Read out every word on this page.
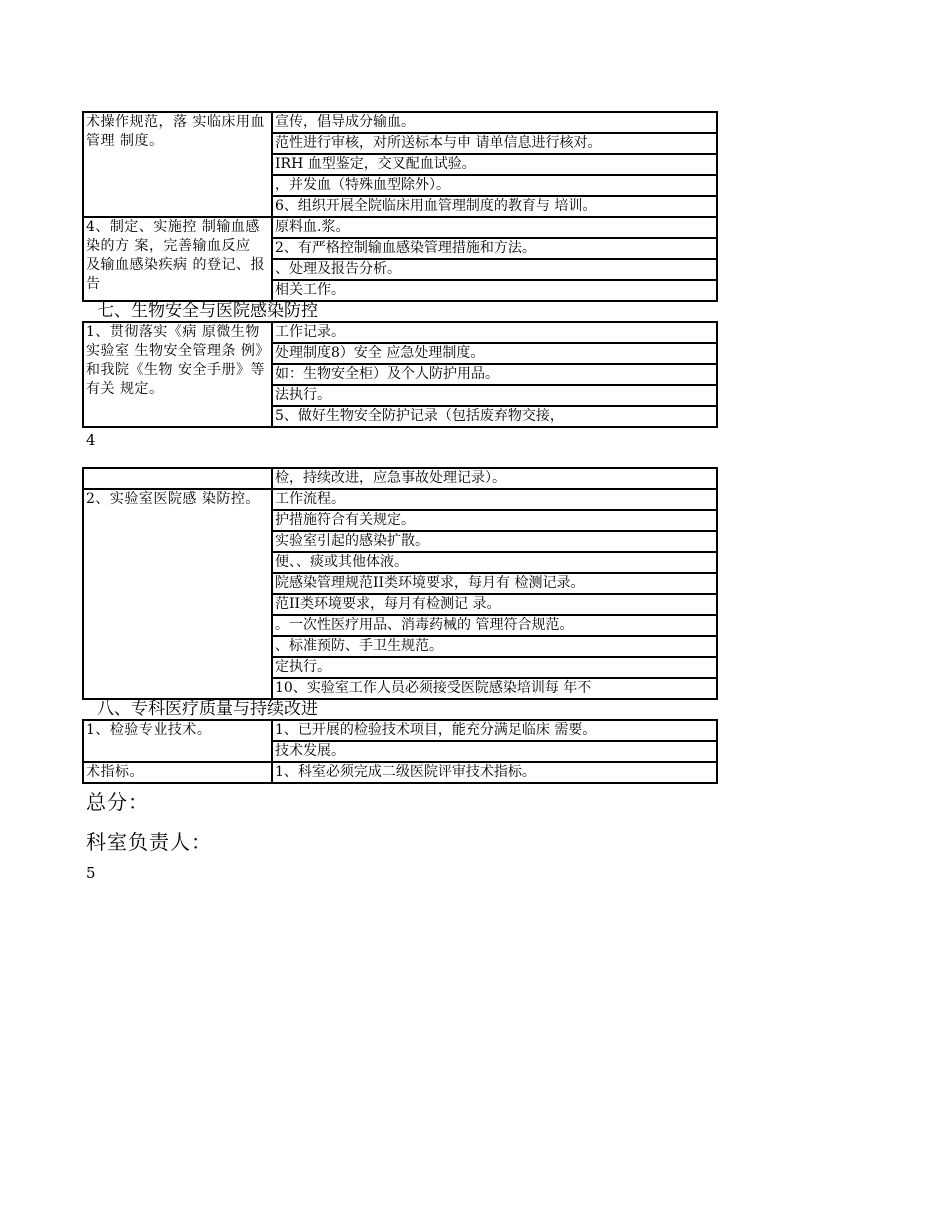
术操作规范，落 实临床用血管理 制度。	宣传，倡导成分输血。
	范性进行审核，对所送标本与申 请单信息进行核对。
	IRH 血型鉴定，交叉配血试验。
	，并发血（特殊血型除外）。
	6、组织开展全院临床用血管理制度的教育与 培训。
4、制定、实施控 制输血感染的方 案，完善输血反应 及输血感染疾病 的登记、报告	原料血.浆。
	2、有严格控制输血感染管理措施和方法。
	、处理及报告分析。
	相关工作。
七、生物安全与医院感染防控	
1、贯彻落实《病 原微生物实验室 生物安全管理条 例》和我院《生物 安全手册》等有关 规定。	工作记录。
	处理制度8）安全 应急处理制度。
	如：生物安全柜）及个人防护用品。
	法执行。
	5、做好生物安全防护记录（包括废弃物交接，
4
	检，持续改进，应急事故处理记录）。
2、实验室医院感 染防控。	工作流程。
	护措施符合有关规定。
	实验室引起的感染扩散。
	便、、痰或其他体液。
	院感染管理规范II类环境要求，每月有 检测记录。
	范II类环境要求，每月有检测记 录。
	。一次性医疗用品、消毒药械的 管理符合规范。
	、标准预防、手卫生规范。
	定执行。
	10、实验室工作人员必须接受医院感染培训每 年不
八、专科医疗质量与持续改进	
1、检验专业技术。	1、已开展的检验技术项目，能充分满足临床 需要。
	技术发展。
术指标。	1、科室必须完成二级医院评审技术指标。
总分：
科室负责人：
5
